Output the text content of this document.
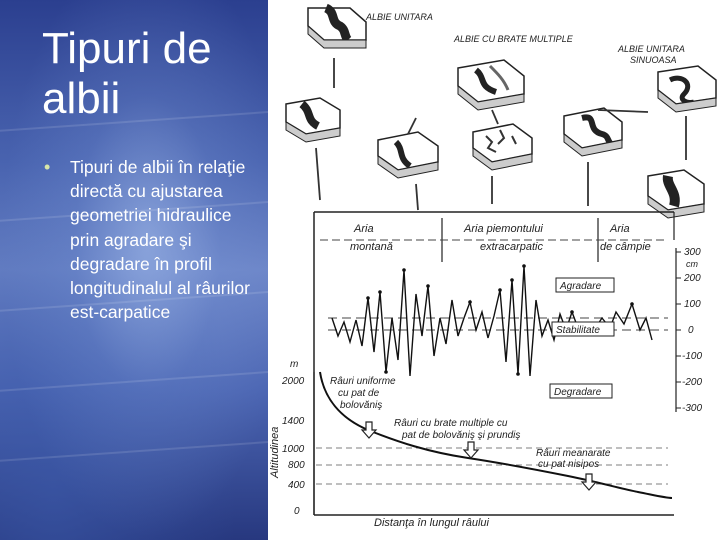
Tipuri de albii
• Tipuri de albii în relaţie directă cu ajustarea geometriei hidraulice prin agradare şi degradare în profil longitudinalul al râurilor est-carpatice
ALBIE UNITARA
ALBIE CU BRATE MULTIPLE
ALBIE UNITARA
SINUOASA
Aria
montană
Aria piemontului
extracarpatic
Aria
de câmpie	300
cm
200
100
0
-100
-200
-300
Agradare
Stabilitate
Degradare
m
2000
1400
1000
800
400
0
Altitudinea
Râuri uniforme
cu pat de
bolovăniş
Râuri cu brate multiple cu
pat de bolovăniş şi prundiş
Râuri meanarate
cu pat nisipos
Distanţa în lungul râului
